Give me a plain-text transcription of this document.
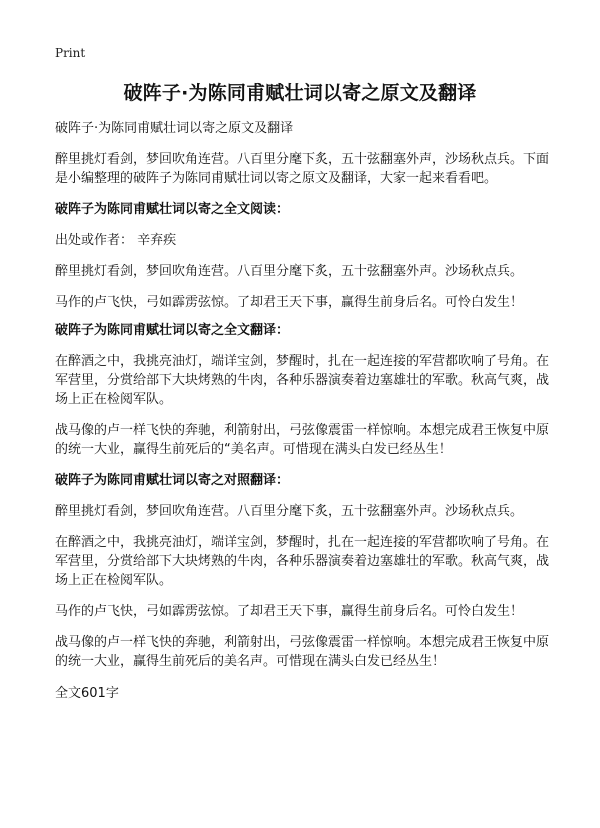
Print
破阵子·为陈同甫赋壮词以寄之原文及翻译

破阵子·为陈同甫赋壮词以寄之原文及翻译

醉里挑灯看剑，梦回吹角连营。八百里分麾下炙，五十弦翻塞外声，沙场秋点兵。下面是小编整理的破阵子为陈同甫赋壮词以寄之原文及翻译，大家一起来看看吧。

破阵子为陈同甫赋壮词以寄之全文阅读：

出处或作者： 辛弃疾

醉里挑灯看剑，梦回吹角连营。八百里分麾下炙，五十弦翻塞外声。沙场秋点兵。

马作的卢飞快，弓如霹雳弦惊。了却君王天下事，赢得生前身后名。可怜白发生！

破阵子为陈同甫赋壮词以寄之全文翻译：

在醉酒之中，我挑亮油灯，端详宝剑，梦醒时，扎在一起连接的军营都吹响了号角。在军营里，分赏给部下大块烤熟的牛肉，各种乐器演奏着边塞雄壮的军歌。秋高气爽，战场上正在检阅军队。

战马像的卢一样飞快的奔驰，利箭射出，弓弦像震雷一样惊响。本想完成君王恢复中原的统一大业，赢得生前死后的“美名声。可惜现在满头白发已经丛生！

破阵子为陈同甫赋壮词以寄之对照翻译：

醉里挑灯看剑，梦回吹角连营。八百里分麾下炙，五十弦翻塞外声。沙场秋点兵。

在醉酒之中，我挑亮油灯，端详宝剑，梦醒时，扎在一起连接的军营都吹响了号角。在军营里，分赏给部下大块烤熟的牛肉，各种乐器演奏着边塞雄壮的军歌。秋高气爽，战场上正在检阅军队。

马作的卢飞快，弓如霹雳弦惊。了却君王天下事，赢得生前身后名。可怜白发生！

战马像的卢一样飞快的奔驰，利箭射出，弓弦像震雷一样惊响。本想完成君王恢复中原的统一大业，赢得生前死后的美名声。可惜现在满头白发已经丛生！

全文601字
